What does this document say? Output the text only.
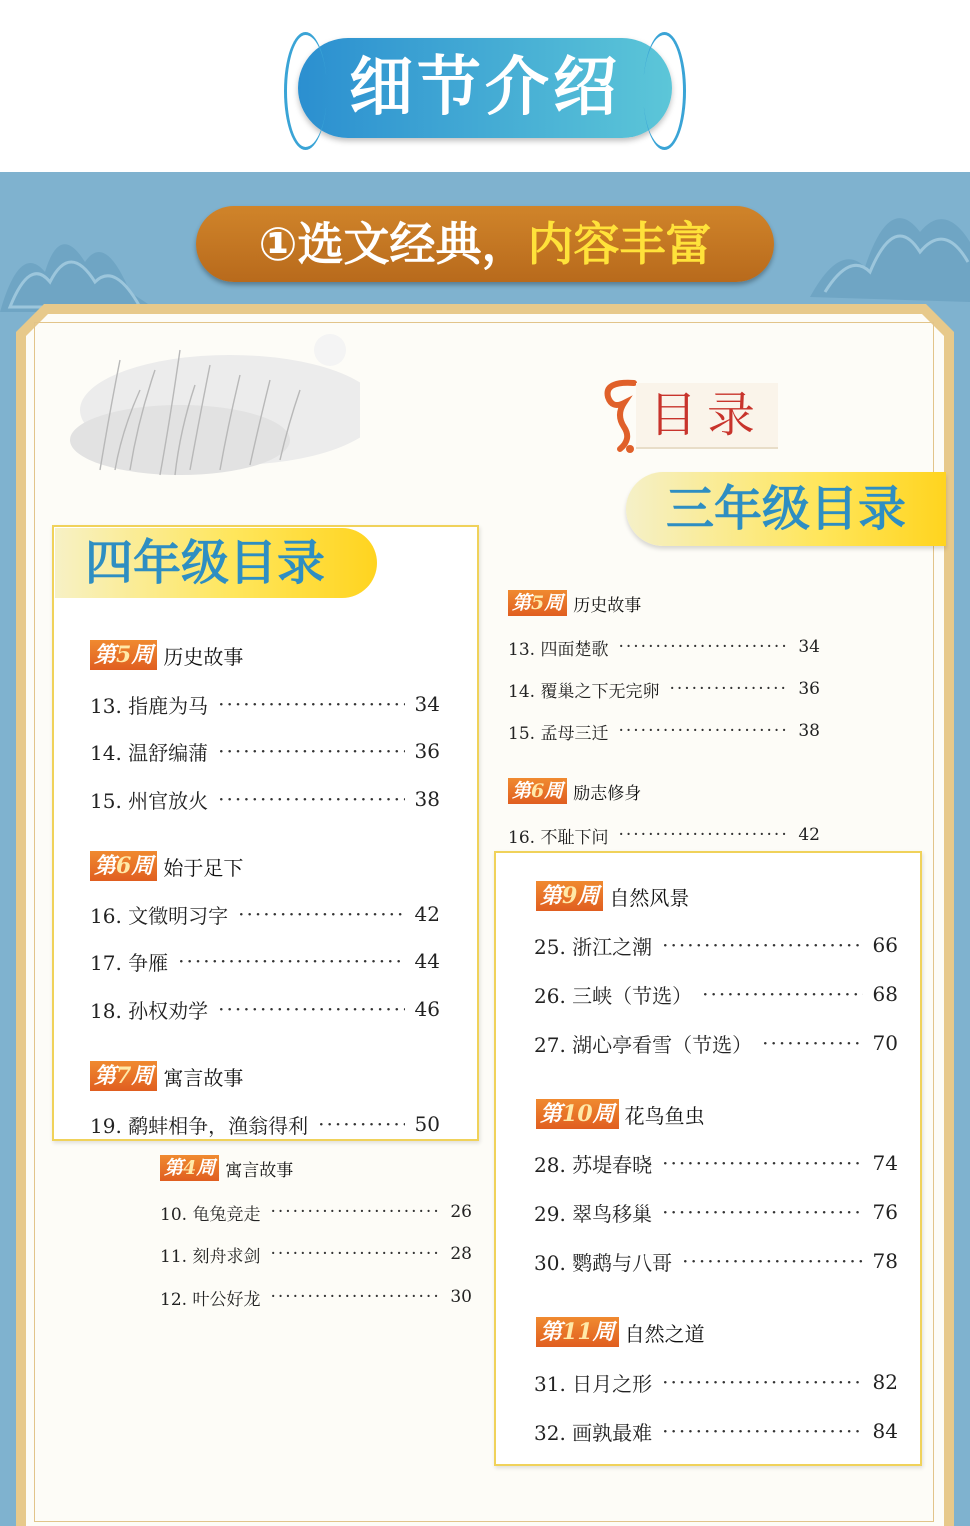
细节介绍
①选文经典，内容丰富
目录
三年级目录
第5周 历史故事
13. 四面楚歌 ·····	34
14. 覆巢之下无完卵 ·····	36
15. 孟母三迁 ·····	38
第6周 励志修身
16. 不耻下问 ·····	42
第4周 寓言故事
10. 龟兔竞走 ·····	26
11. 刻舟求剑 ·····	28
12. 叶公好龙 ·····	30
四年级目录
第5周 历史故事
13. 指鹿为马 ·····	34
14. 温舒编蒲 ·····	36
15. 州官放火 ·····	38
第6周 始于足下
16. 文徵明习字 ·····	42
17. 争雁 ·····	44
18. 孙权劝学 ·····	46
第7周 寓言故事
19. 鹬蚌相争，渔翁得利 ·····	50
第9周 自然风景
25. 浙江之潮 ·····	66
26. 三峡（节选） ·····	68
27. 湖心亭看雪（节选） ·····	70
第10周 花鸟鱼虫
28. 苏堤春晓 ·····	74
29. 翠鸟移巢 ·····	76
30. 鹦鹉与八哥 ·····	78
第11周 自然之道
31. 日月之形 ·····	82
32. 画孰最难 ·····	84
